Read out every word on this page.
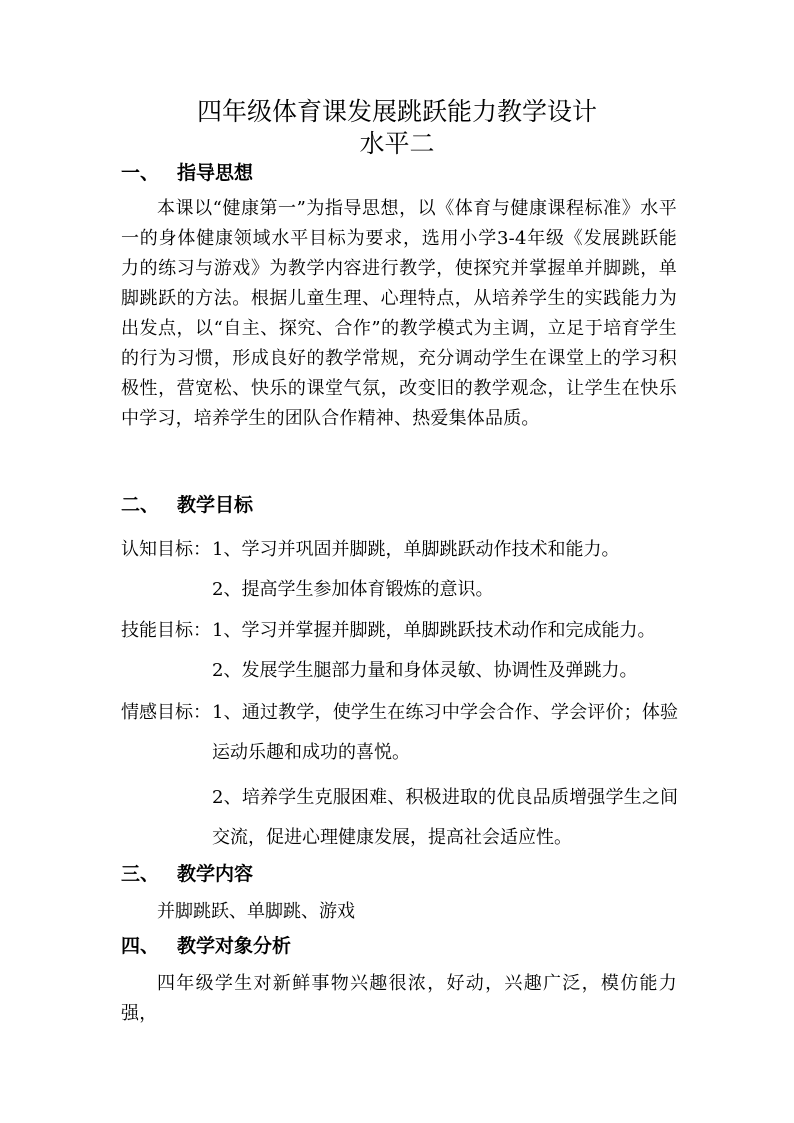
四年级体育课发展跳跃能力教学设计
水平二
一、 指导思想
本课以“健康第一”为指导思想，以《体育与健康课程标准》水平一的身体健康领域水平目标为要求，选用小学3-4年级《发展跳跃能力的练习与游戏》为教学内容进行教学，使探究并掌握单并脚跳，单脚跳跃的方法。根据儿童生理、心理特点，从培养学生的实践能力为出发点，以“自主、探究、合作”的教学模式为主调，立足于培育学生的行为习惯，形成良好的教学常规，充分调动学生在课堂上的学习积极性，营宽松、快乐的课堂气氛，改变旧的教学观念，让学生在快乐中学习，培养学生的团队合作精神、热爱集体品质。
二、 教学目标
认知目标： 1、学习并巩固并脚跳，单脚跳跃动作技术和能力。
2、提高学生参加体育锻炼的意识。
技能目标： 1、学习并掌握并脚跳，单脚跳跃技术动作和完成能力。
2、发展学生腿部力量和身体灵敏、协调性及弹跳力。
情感目标： 1、通过教学，使学生在练习中学会合作、学会评价；体验运动乐趣和成功的喜悦。
2、培养学生克服困难、积极进取的优良品质增强学生之间交流，促进心理健康发展，提高社会适应性。
三、 教学内容
并脚跳跃、单脚跳、游戏
四、 教学对象分析
四年级学生对新鲜事物兴趣很浓，好动，兴趣广泛，模仿能力强，
